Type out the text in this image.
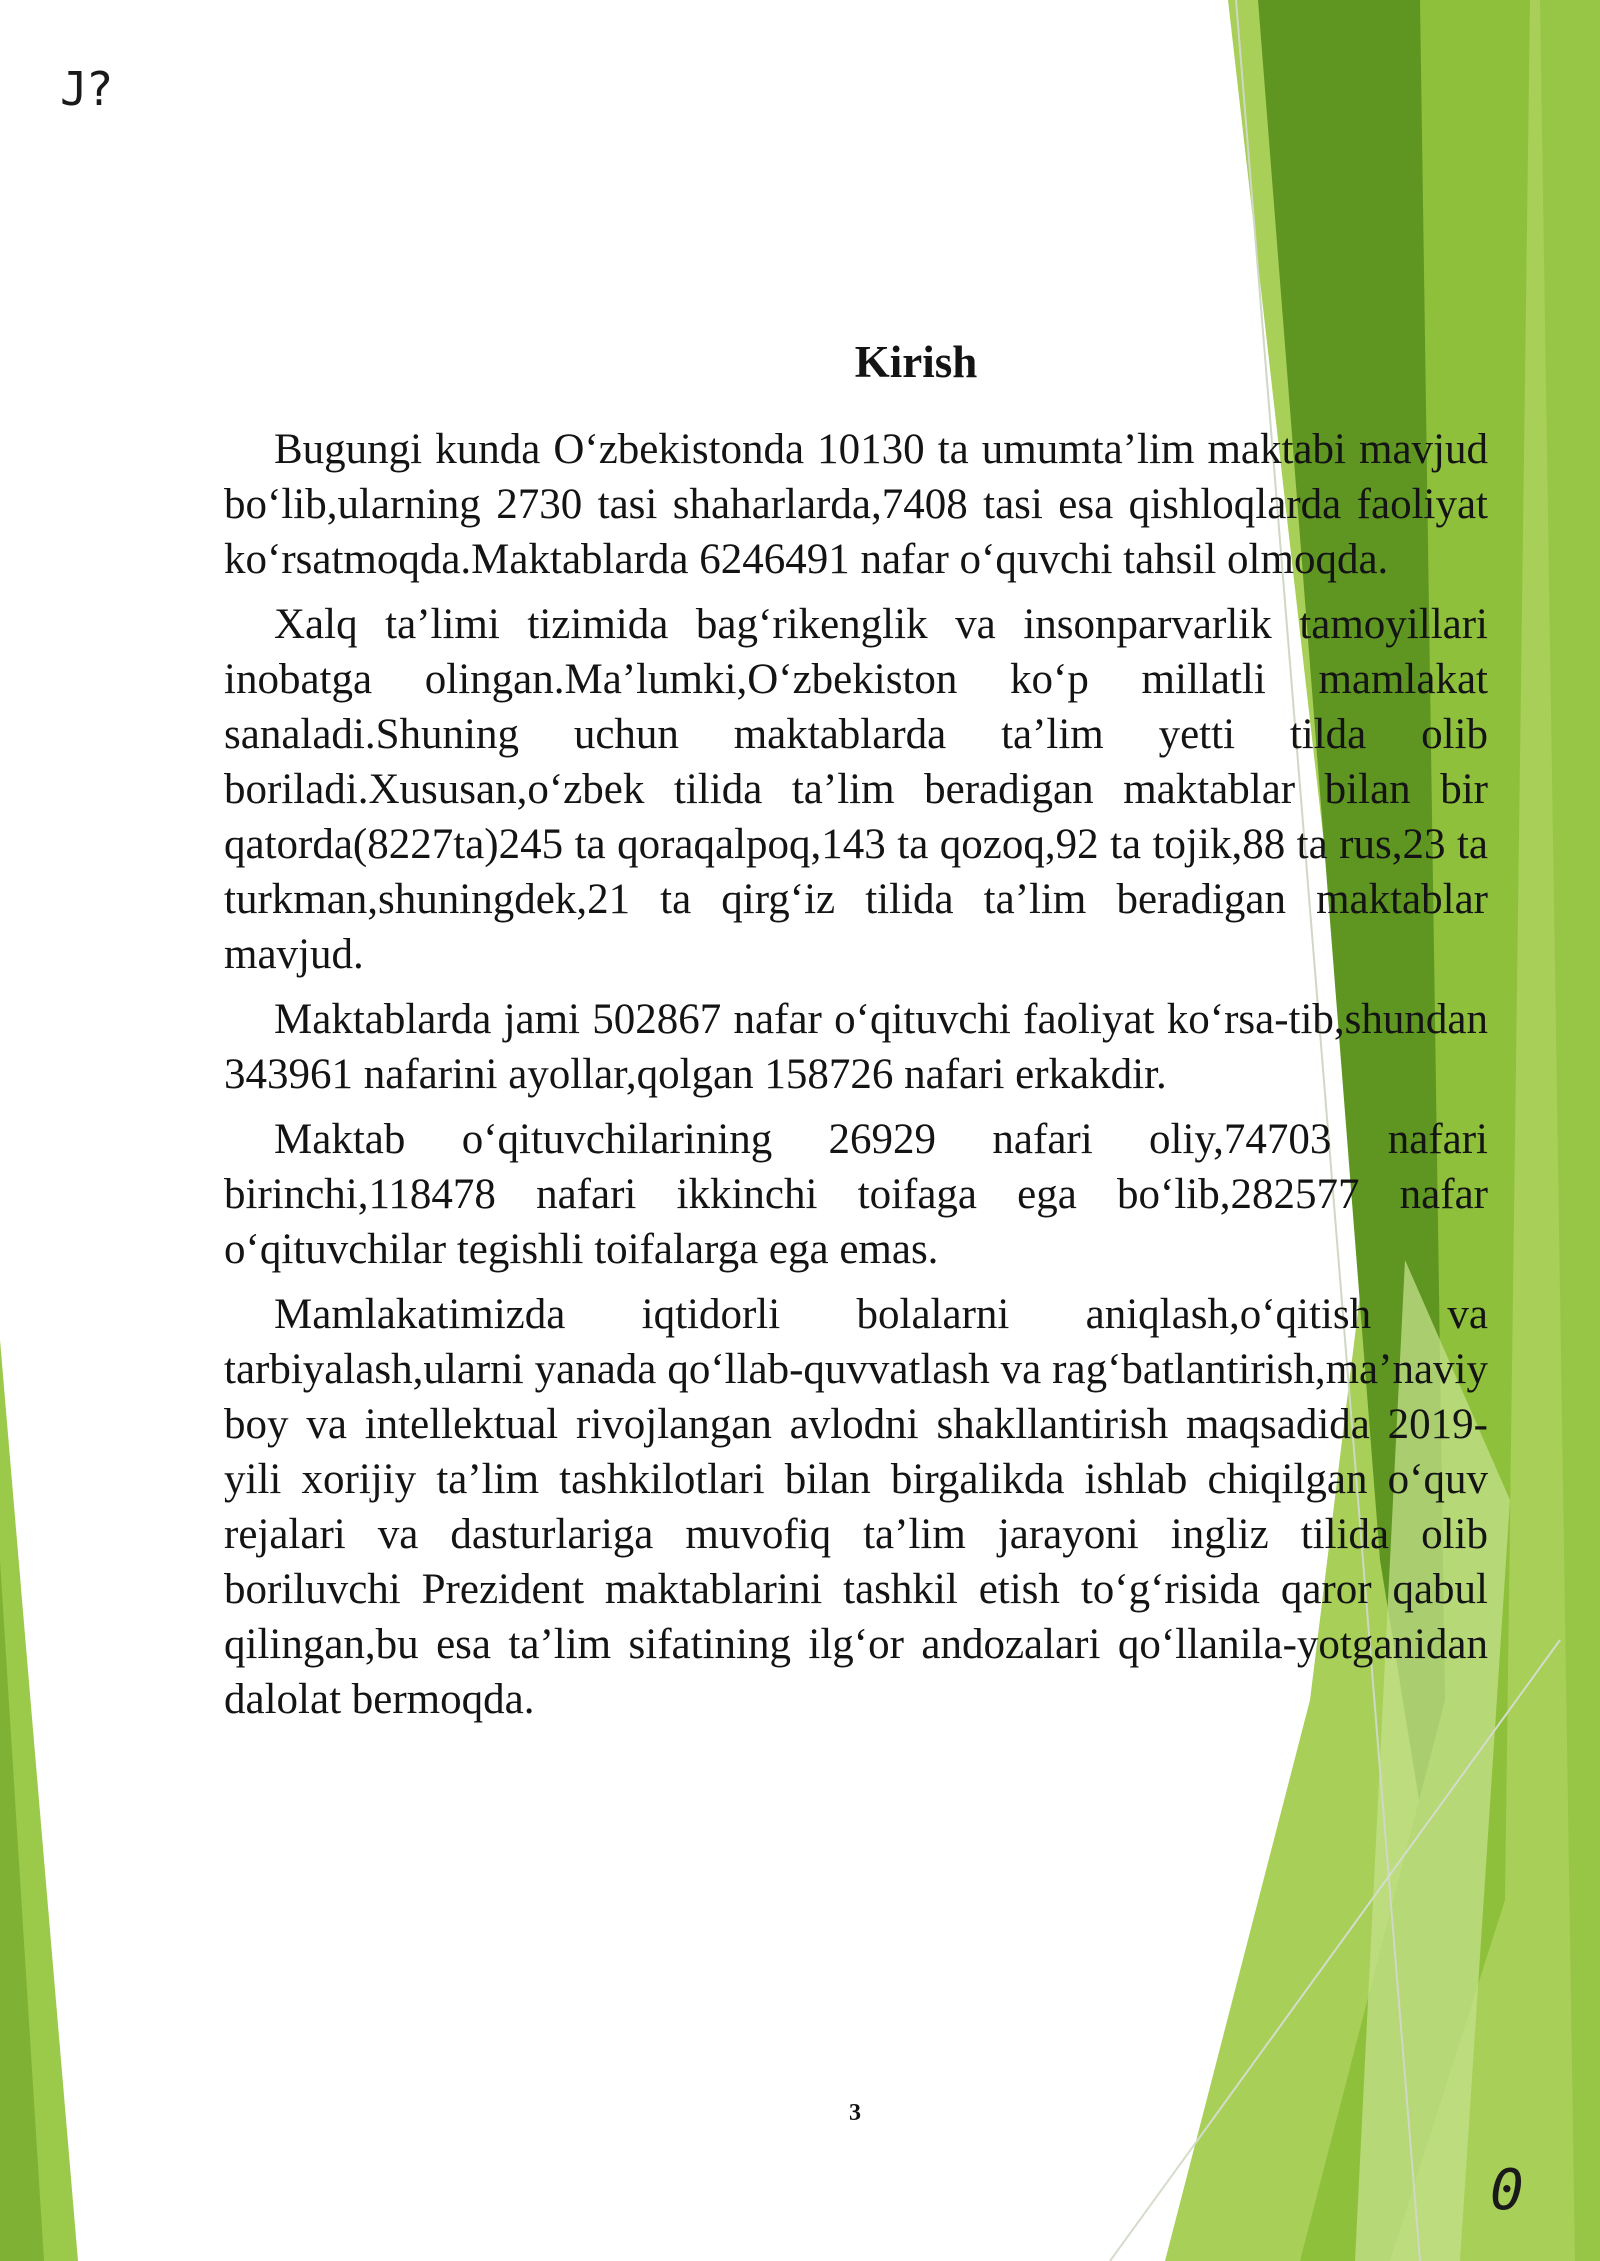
J?
Kirish

Bugungi kunda O‘zbekistonda 10130 ta umumta’lim maktabi mavjud bo‘lib,ularning 2730 tasi shaharlarda,7408 tasi esa qishloqlarda faoliyat ko‘rsatmoqda.Maktablarda 6246491 nafar o‘quvchi tahsil olmoqda.

Xalq ta’limi tizimida bag‘rikenglik va insonparvarlik tamoyillari inobatga olingan.Ma’lumki,O‘zbekiston ko‘p millatli mamlakat sanaladi.Shuning uchun maktablarda ta’lim yetti tilda olib boriladi.Xususan,o‘zbek tilida ta’lim beradigan maktablar bilan bir qatorda(8227ta)245 ta qoraqalpoq,143 ta qozoq,92 ta tojik,88 ta rus,23 ta turkman,shuningdek,21 ta qirg‘iz tilida ta’lim beradigan maktablar mavjud.

Maktablarda jami 502867 nafar o‘qituvchi faoliyat ko‘rsa-tib,shundan 343961 nafarini ayollar,qolgan 158726 nafari erkakdir.

Maktab o‘qituvchilarining 26929 nafari oliy,74703 nafari birinchi,118478 nafari ikkinchi toifaga ega bo‘lib,282577 nafar o‘qituvchilar tegishli toifalarga ega emas.

Mamlakatimizda iqtidorli bolalarni aniqlash,o‘qitish va tarbiyalash,ularni yanada qo‘llab-quvvatlash va rag‘batlantirish,ma’naviy boy va intellektual rivojlangan avlodni shakllantirish maqsadida 2019-yili xorijiy ta’lim tashkilotlari bilan birgalikda ishlab chiqilgan o‘quv rejalari va dasturlariga muvofiq ta’lim jarayoni ingliz tilida olib boriluvchi Prezident maktablarini tashkil etish to‘g‘risida qaror qabul qilingan,bu esa ta’lim sifatining ilg‘or andozalari qo‘llanila-yotganidan dalolat bermoqda.

3
0
